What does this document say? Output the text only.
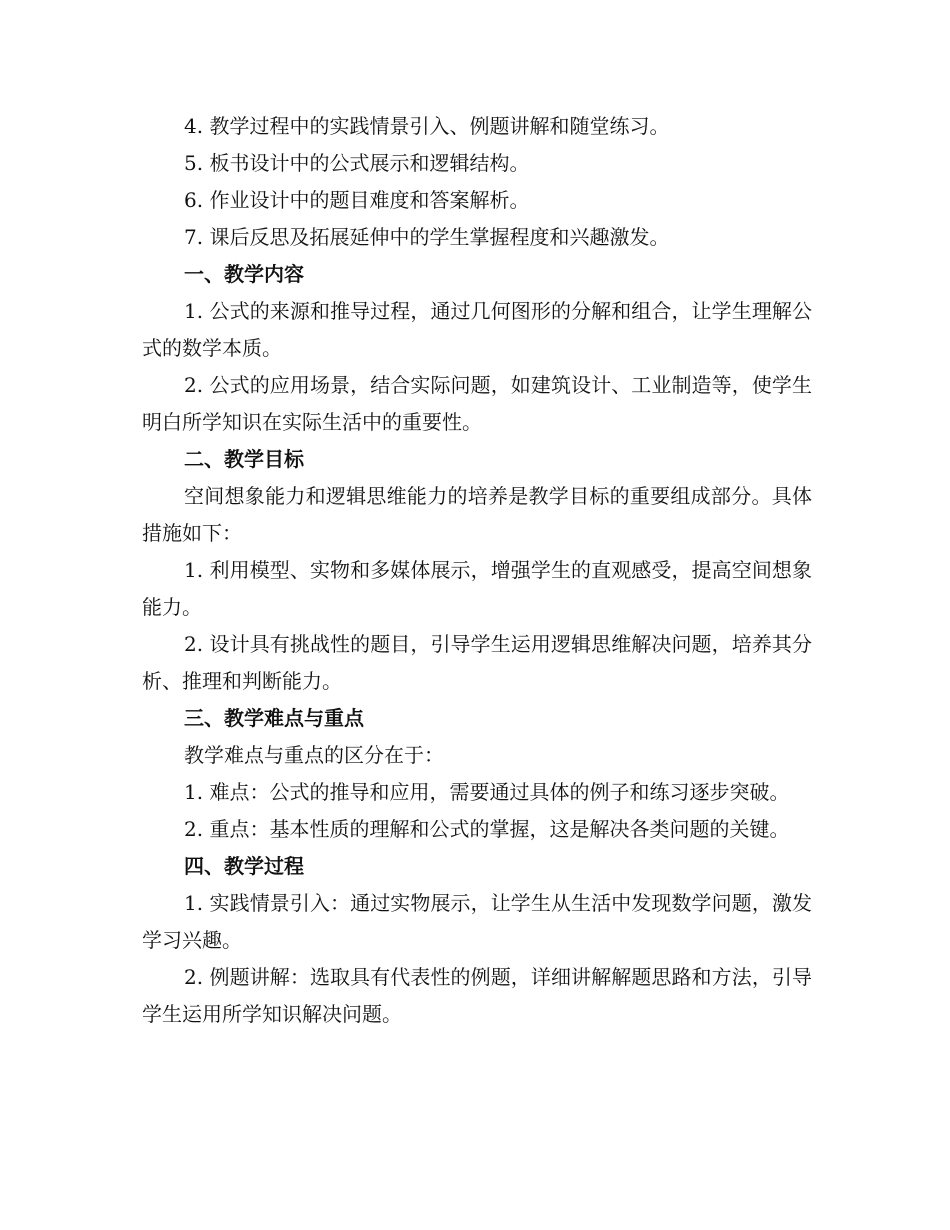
4. 教学过程中的实践情景引入、例题讲解和随堂练习。

5. 板书设计中的公式展示和逻辑结构。

6. 作业设计中的题目难度和答案解析。

7. 课后反思及拓展延伸中的学生掌握程度和兴趣激发。

一、教学内容

1. 公式的来源和推导过程，通过几何图形的分解和组合，让学生理解公式的数学本质。

2. 公式的应用场景，结合实际问题，如建筑设计、工业制造等，使学生明白所学知识在实际生活中的重要性。

二、教学目标

空间想象能力和逻辑思维能力的培养是教学目标的重要组成部分。具体措施如下：

1. 利用模型、实物和多媒体展示，增强学生的直观感受，提高空间想象能力。

2. 设计具有挑战性的题目，引导学生运用逻辑思维解决问题，培养其分析、推理和判断能力。

三、教学难点与重点

教学难点与重点的区分在于：

1. 难点：公式的推导和应用，需要通过具体的例子和练习逐步突破。

2. 重点：基本性质的理解和公式的掌握，这是解决各类问题的关键。

四、教学过程

1. 实践情景引入：通过实物展示，让学生从生活中发现数学问题，激发学习兴趣。

2. 例题讲解：选取具有代表性的例题，详细讲解解题思路和方法，引导学生运用所学知识解决问题。
